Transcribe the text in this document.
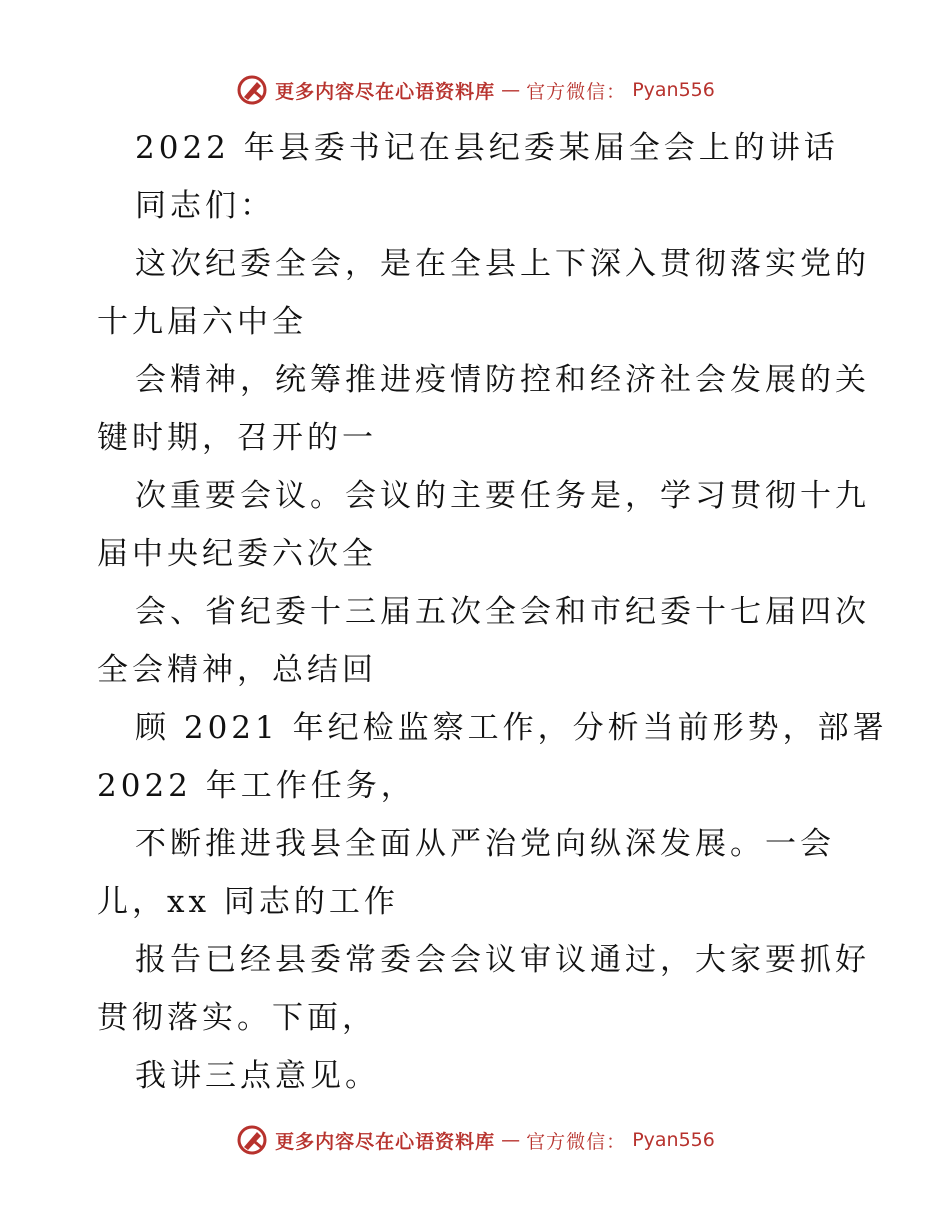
更多内容尽在心语资料库 — 官方微信： Pyan556
2022 年县委书记在县纪委某届全会上的讲话
同志们：
这次纪委全会，是在全县上下深入贯彻落实党的
十九届六中全
会精神，统筹推进疫情防控和经济社会发展的关
键时期，召开的一
次重要会议。会议的主要任务是，学习贯彻十九
届中央纪委六次全
会、省纪委十三届五次全会和市纪委十七届四次
全会精神，总结回
顾 2021 年纪检监察工作，分析当前形势，部署
2022 年工作任务，
不断推进我县全面从严治党向纵深发展。一会
儿，xx 同志的工作
报告已经县委常委会会议审议通过，大家要抓好
贯彻落实。下面，
我讲三点意见。
更多内容尽在心语资料库 — 官方微信： Pyan556
